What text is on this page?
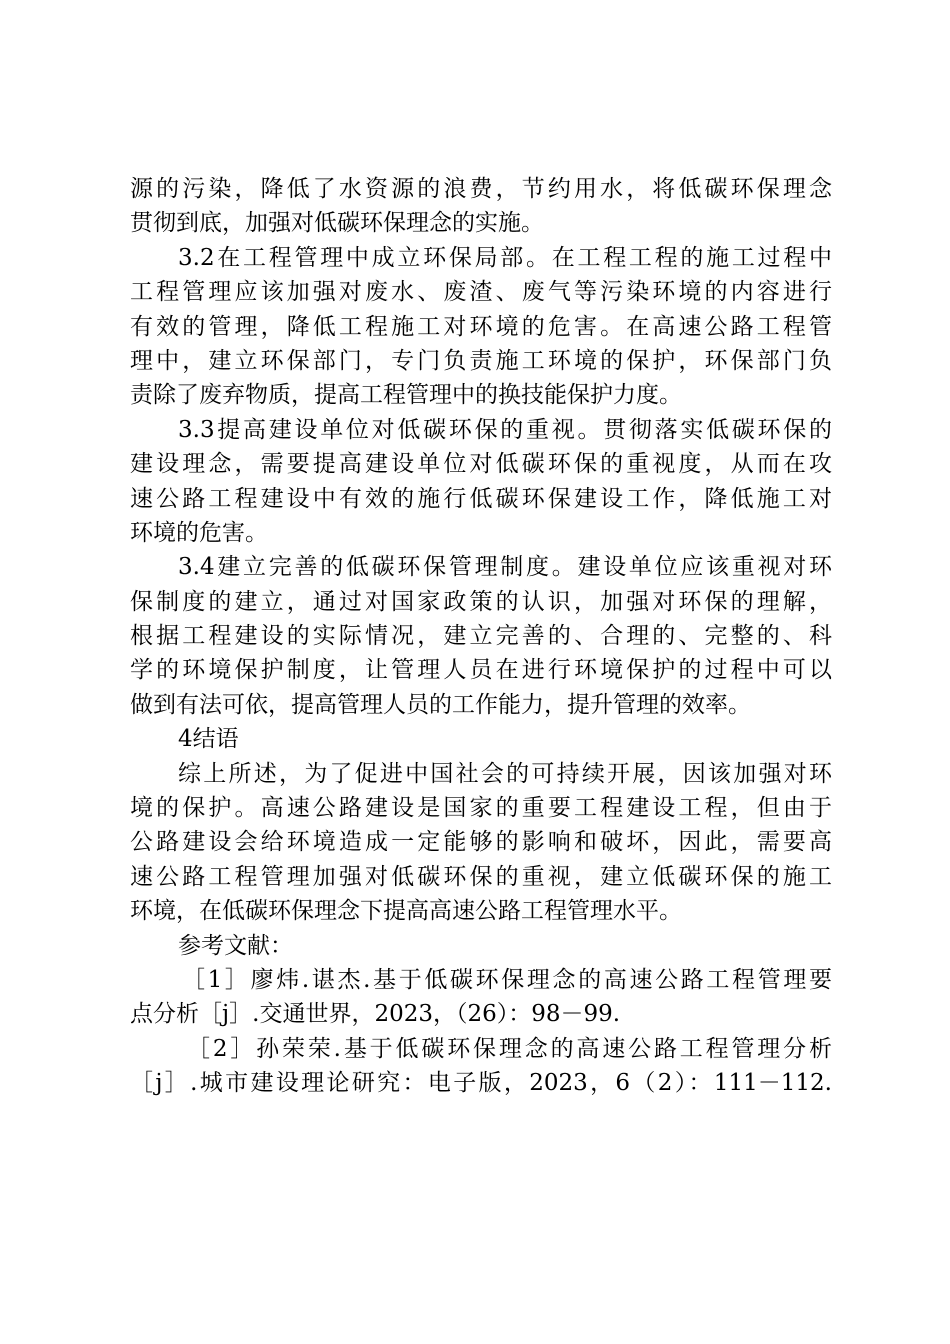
源的污染，降低了水资源的浪费，节约用水，将低碳环保理念
贯彻到底，加强对低碳环保理念的实施。
3.2在工程管理中成立环保局部。在工程工程的施工过程中
工程管理应该加强对废水、废渣、废气等污染环境的内容进行
有效的管理，降低工程施工对环境的危害。在高速公路工程管
理中，建立环保部门，专门负责施工环境的保护，环保部门负
责除了废弃物质，提高工程管理中的换技能保护力度。
3.3提高建设单位对低碳环保的重视。贯彻落实低碳环保的
建设理念，需要提高建设单位对低碳环保的重视度，从而在攻
速公路工程建设中有效的施行低碳环保建设工作，降低施工对
环境的危害。
3.4建立完善的低碳环保管理制度。建设单位应该重视对环
保制度的建立，通过对国家政策的认识，加强对环保的理解，
根据工程建设的实际情况，建立完善的、合理的、完整的、科
学的环境保护制度，让管理人员在进行环境保护的过程中可以
做到有法可依，提高管理人员的工作能力，提升管理的效率。
4结语
综上所述，为了促进中国社会的可持续开展，因该加强对环
境的保护。高速公路建设是国家的重要工程建设工程，但由于
公路建设会给环境造成一定能够的影响和破坏，因此，需要高
速公路工程管理加强对低碳环保的重视，建立低碳环保的施工
环境，在低碳环保理念下提高高速公路工程管理水平。
参考文献：
［1］廖炜.谌杰.基于低碳环保理念的高速公路工程管理要
点分析［j］.交通世界，2023，（26）：98－99.
［2］孙荣荣.基于低碳环保理念的高速公路工程管理分析
［j］.城市建设理论研究：电子版，2023，6（2）：111－112.
